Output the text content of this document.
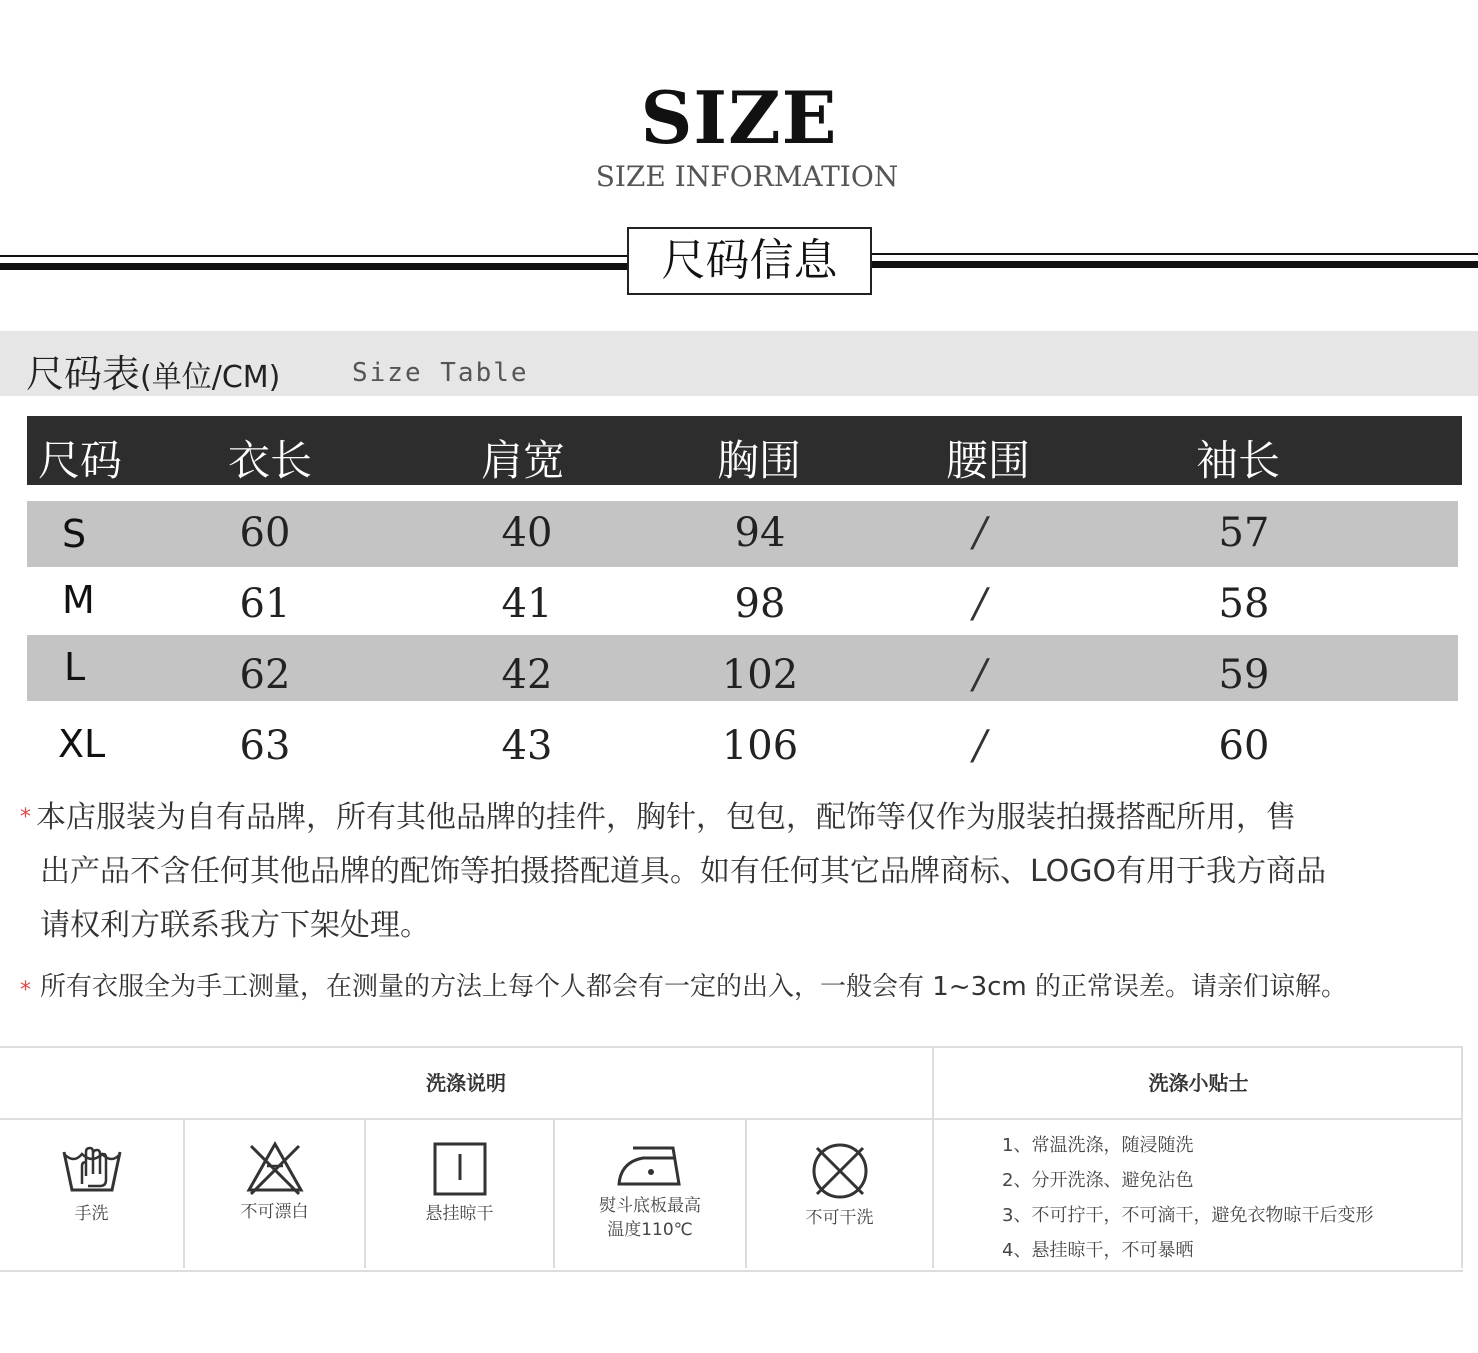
SIZE
SIZE INFORMATION
尺码信息
尺码表(单位/CM)	Size Table
尺码	衣长	肩宽	胸围	腰围	袖长
S	60	40	94	/	57
M	61	41	98	/	58
L	62	42	102	/	59
XL	63	43	106	/	60
* 本店服装为自有品牌，所有其他品牌的挂件，胸针，包包，配饰等仅作为服装拍摄搭配所用，售

出产品不含任何其他品牌的配饰等拍摄搭配道具。如有任何其它品牌商标、LOGO有用于我方商品

请权利方联系我方下架处理。

* 所有衣服全为手工测量，在测量的方法上每个人都会有一定的出入，一般会有 1~3cm 的正常误差。请亲们谅解。
洗涤说明	洗涤小贴士
手洗	不可漂白	悬挂晾干	熨斗底板最高
温度110℃
不可干洗
1、常温洗涤，随浸随洗
2、分开洗涤、避免沾色
3、不可拧干，不可滴干，避免衣物晾干后变形
4、悬挂晾干，不可暴晒
